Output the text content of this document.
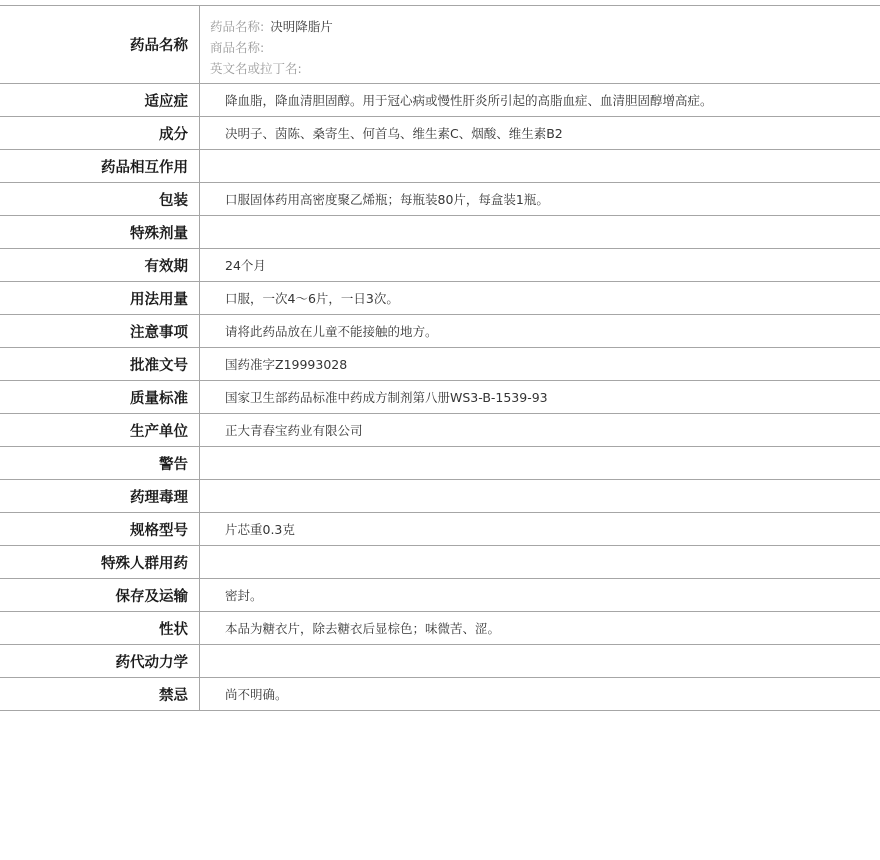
药品名称
药品名称: 决明降脂片
商品名称:
英文名或拉丁名:
适应症	降血脂，降血清胆固醇。用于冠心病或慢性肝炎所引起的高脂血症、血清胆固醇增高症。
成分	决明子、茵陈、桑寄生、何首乌、维生素C、烟酸、维生素B2
药品相互作用
包装	口服固体药用高密度聚乙烯瓶；每瓶装80片，每盒装1瓶。
特殊剂量
有效期	24个月
用法用量	口服，一次4～6片，一日3次。
注意事项	请将此药品放在儿童不能接触的地方。
批准文号	国药准字Z19993028
质量标准	国家卫生部药品标准中药成方制剂第八册WS3-B-1539-93
生产单位	正大青春宝药业有限公司
警告
药理毒理
规格型号	片芯重0.3克
特殊人群用药
保存及运输	密封。
性状	本品为糖衣片，除去糖衣后显棕色；味微苦、涩。
药代动力学
禁忌	尚不明确。
